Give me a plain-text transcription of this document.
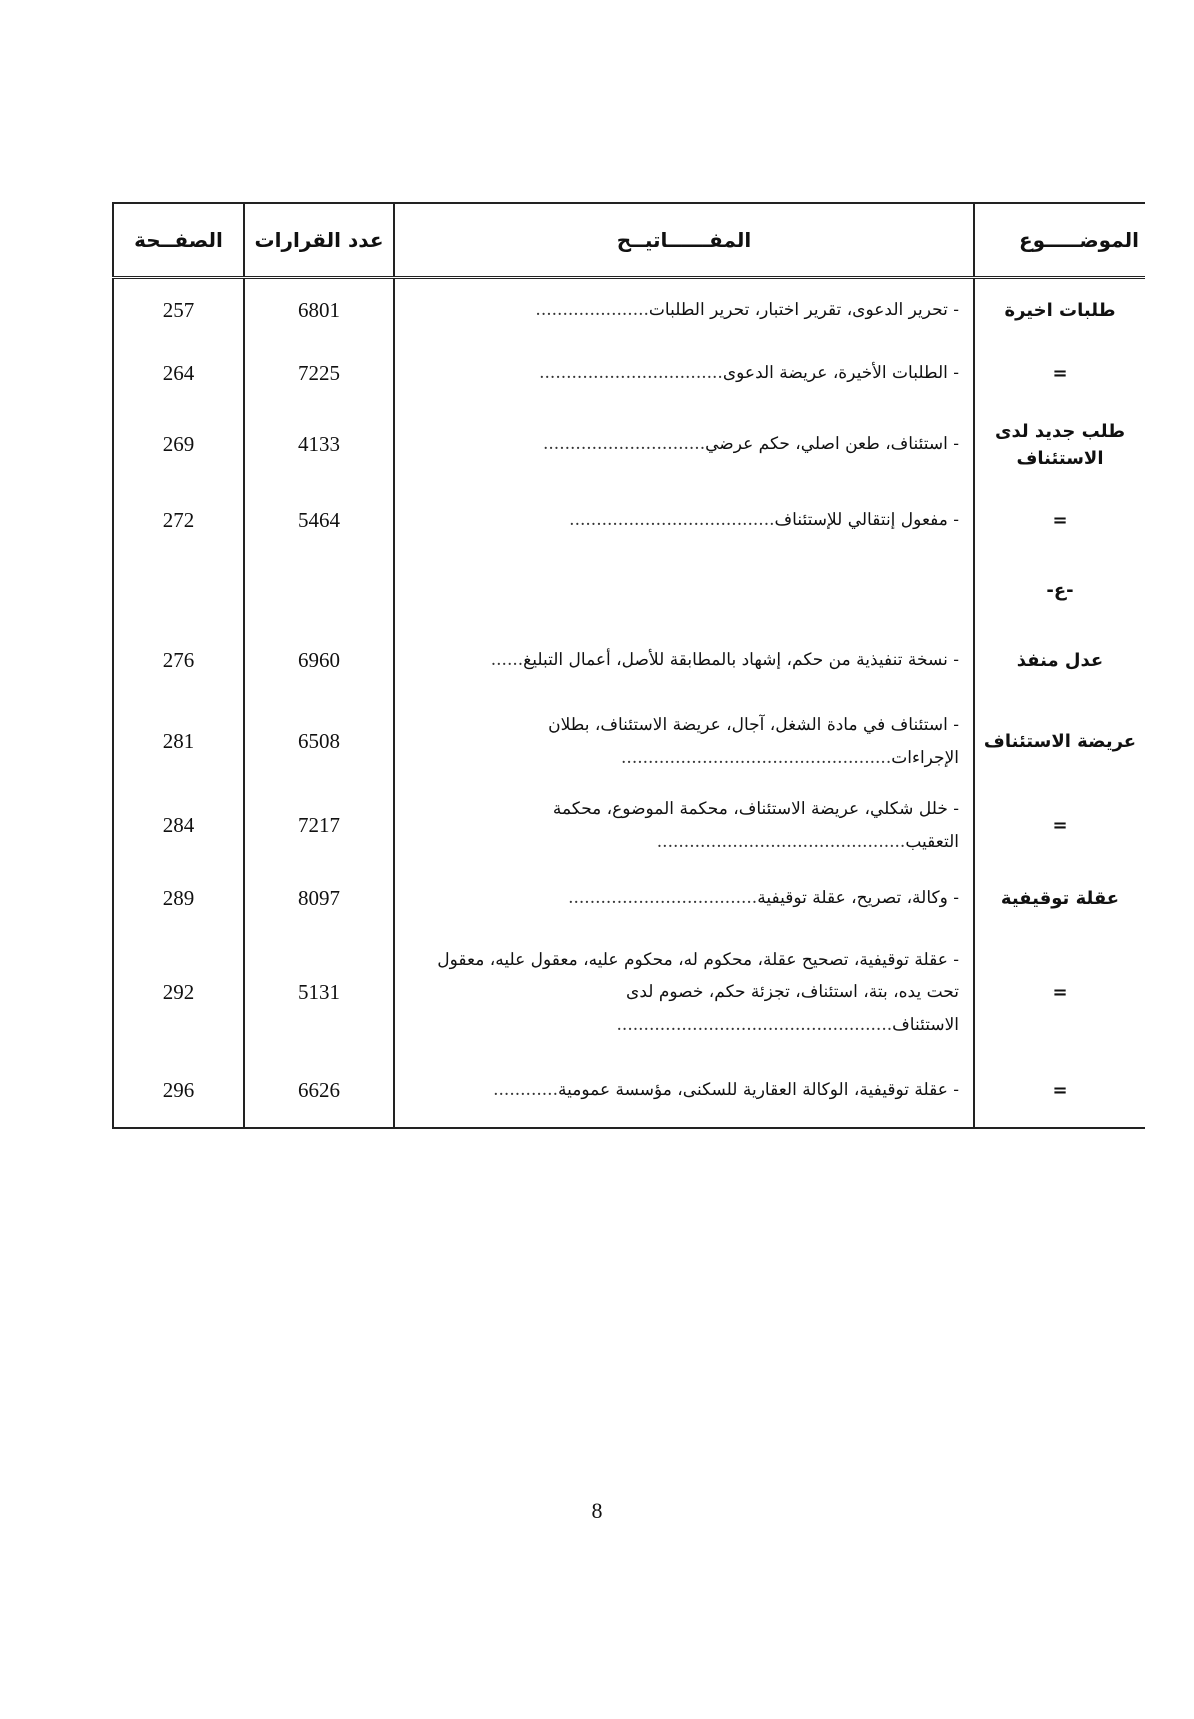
الموضـــــوع	المفــــــاتيــح	عدد القرارات	الصفــحة
طلبات اخيرة	- تحرير الدعوى، تقرير اختبار، تحرير الطلبات.....................	6801	257
=	- الطلبات الأخيرة، عريضة الدعوى..................................	7225	264
طلب جديد لدى الاستئناف	- استئناف، طعن اصلي، حكم عرضي..............................	4133	269
=	- مفعول إنتقالي للإستئناف......................................	5464	272
-ع-			
عدل منفذ	- نسخة تنفيذية من حكم، إشهاد بالمطابقة للأصل، أعمال التبليغ......	6960	276
عريضة الاستئناف	- استئناف في مادة الشغل، آجال، عريضة الاستئناف، بطلان الإجراءات..................................................	6508	281
=	- خلل شكلي، عريضة الاستئناف، محكمة الموضوع، محكمة التعقيب..............................................	7217	284
عقلة توقيفية	- وكالة، تصريح، عقلة توقيفية...................................	8097	289
=	- عقلة توقيفية، تصحيح عقلة، محكوم له، محكوم عليه، معقول عليه، معقول تحت يده، بتة، استئناف، تجزئة حكم، خصوم لدى الاستئناف...................................................	5131	292
=	- عقلة توقيفية، الوكالة العقارية للسكنى، مؤسسة عمومية............	6626	296
8
